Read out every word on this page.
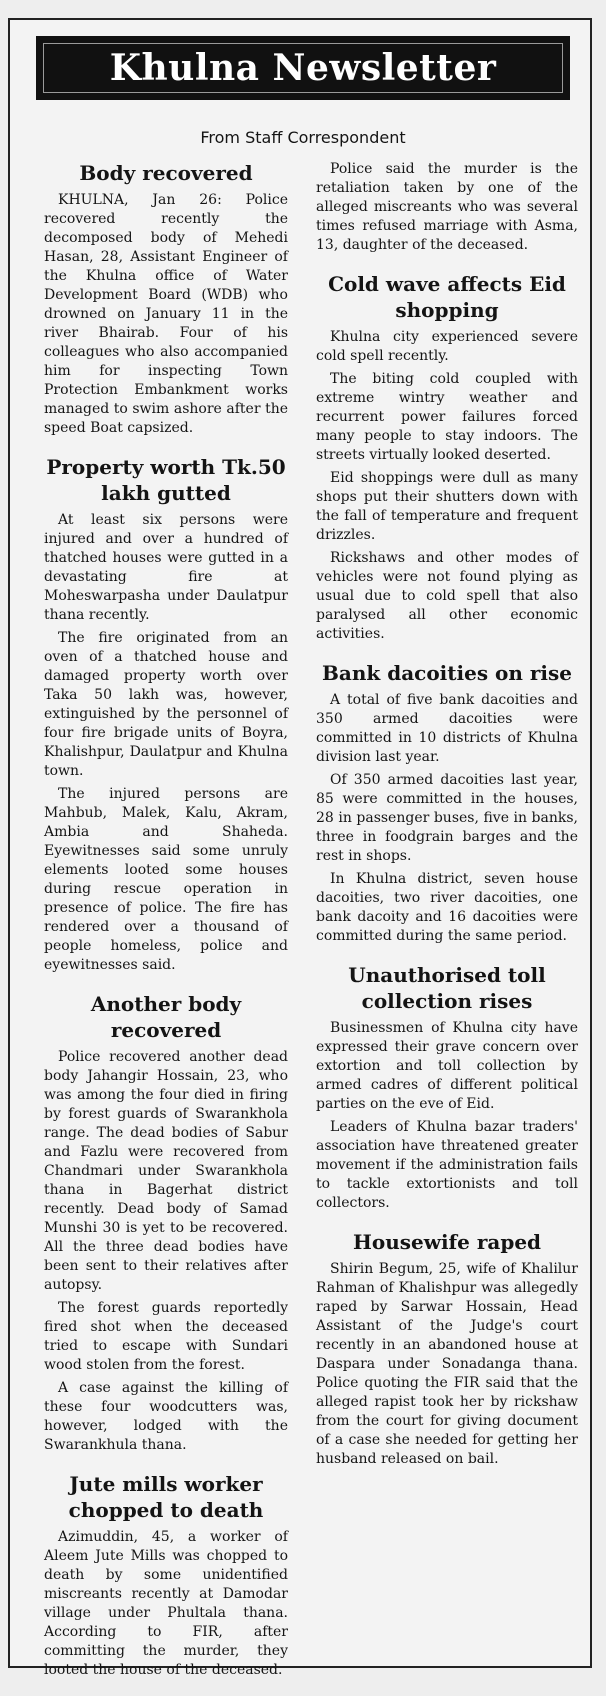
Khulna Newsletter
From Staff Correspondent
Body recovered

KHULNA, Jan 26: Police recovered recently the decomposed body of Mehedi Hasan, 28, Assistant Engineer of the Khulna office of Water Development Board (WDB) who drowned on January 11 in the river Bhairab. Four of his colleagues who also accompanied him for inspecting Town Protection Embankment works managed to swim ashore after the speed Boat capsized.

Property worth Tk.50 lakh gutted

At least six persons were injured and over a hundred of thatched houses were gutted in a devastating fire at Moheswarpasha under Daulatpur thana recently.

The fire originated from an oven of a thatched house and damaged property worth over Taka 50 lakh was, however, extinguished by the personnel of four fire brigade units of Boyra, Khalishpur, Daulatpur and Khulna town.

The injured persons are Mahbub, Malek, Kalu, Akram, Ambia and Shaheda. Eyewitnesses said some unruly elements looted some houses during rescue operation in presence of police. The fire has rendered over a thousand of people homeless, police and eyewitnesses said.

Another body recovered

Police recovered another dead body Jahangir Hossain, 23, who was among the four died in firing by forest guards of Swarankhola range. The dead bodies of Sabur and Fazlu were recovered from Chandmari under Swarankhola thana in Bagerhat district recently. Dead body of Samad Munshi 30 is yet to be recovered. All the three dead bodies have been sent to their relatives after autopsy.

The forest guards reportedly fired shot when the deceased tried to escape with Sundari wood stolen from the forest.

A case against the killing of these four woodcutters was, however, lodged with the Swarankhula thana.

Jute mills worker chopped to death

Azimuddin, 45, a worker of Aleem Jute Mills was chopped to death by some unidentified miscreants recently at Damodar village under Phultala thana. According to FIR, after committing the murder, they looted the house of the deceased.

Police said the murder is the retaliation taken by one of the alleged miscreants who was several times refused marriage with Asma, 13, daughter of the deceased.

Cold wave affects Eid shopping

Khulna city experienced severe cold spell recently.

The biting cold coupled with extreme wintry weather and recurrent power failures forced many people to stay indoors. The streets virtually looked deserted.

Eid shoppings were dull as many shops put their shutters down with the fall of temperature and frequent drizzles.

Rickshaws and other modes of vehicles were not found plying as usual due to cold spell that also paralysed all other economic activities.

Bank dacoities on rise

A total of five bank dacoities and 350 armed dacoities were committed in 10 districts of Khulna division last year.

Of 350 armed dacoities last year, 85 were committed in the houses, 28 in passenger buses, five in banks, three in foodgrain barges and the rest in shops.

In Khulna district, seven house dacoities, two river dacoities, one bank dacoity and 16 dacoities were committed during the same period.

Unauthorised toll collection rises

Businessmen of Khulna city have expressed their grave concern over extortion and toll collection by armed cadres of different political parties on the eve of Eid.

Leaders of Khulna bazar traders' association have threatened greater movement if the administration fails to tackle extortionists and toll collectors.

Housewife raped

Shirin Begum, 25, wife of Khalilur Rahman of Khalishpur was allegedly raped by Sarwar Hossain, Head Assistant of the Judge's court recently in an abandoned house at Daspara under Sonadanga thana. Police quoting the FIR said that the alleged rapist took her by rickshaw from the court for giving document of a case she needed for getting her husband released on bail.
